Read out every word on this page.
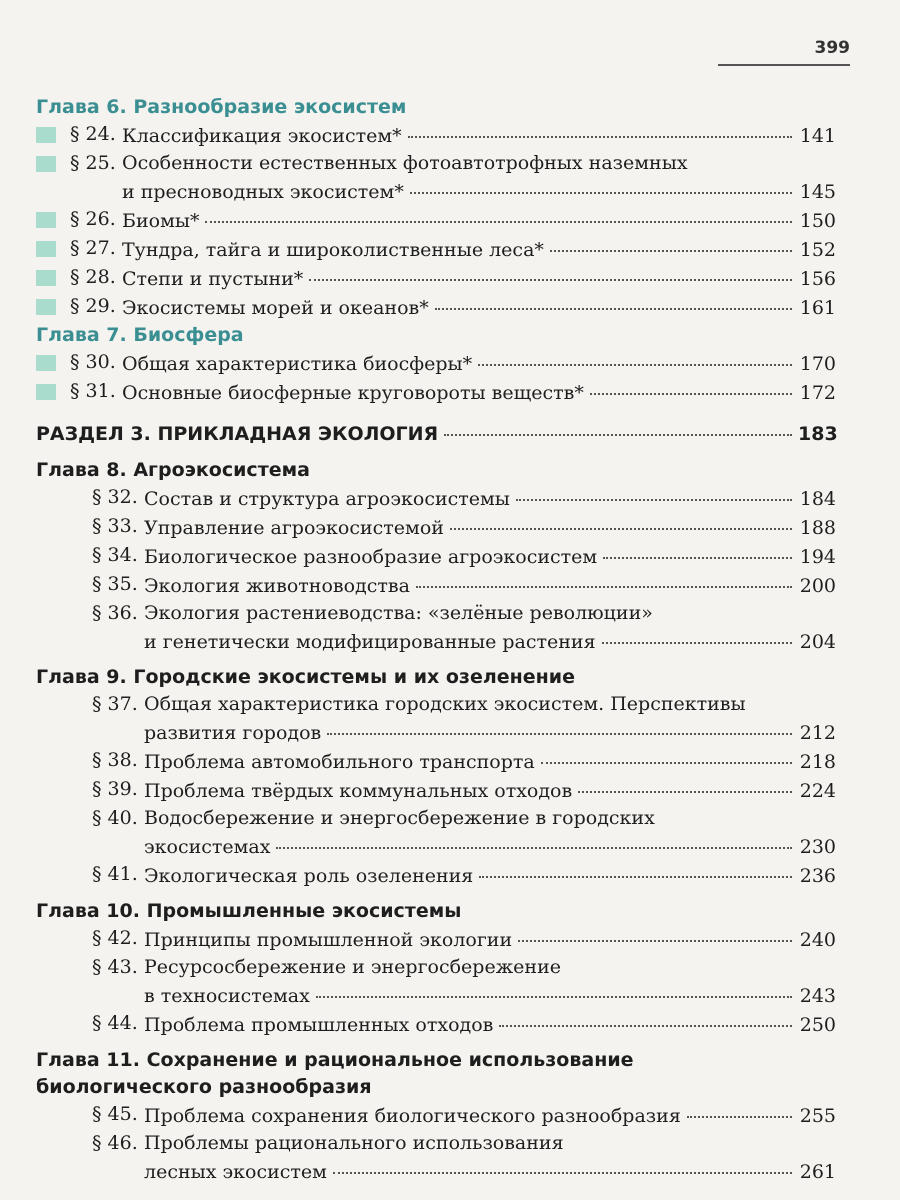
399
Глава 6. Разнообразие экосистем
§ 24. Классификация экосистем*	141
§ 25. Особенности естественных фотоавтотрофных наземных
и пресноводных экосистем*	145
§ 26. Биомы*	150
§ 27. Тундра, тайга и широколиственные леса*	152
§ 28. Степи и пустыни*	156
§ 29. Экосистемы морей и океанов*	161
Глава 7. Биосфера
§ 30. Общая характеристика биосферы*	170
§ 31. Основные биосферные круговороты веществ*	172
РАЗДЕЛ 3. ПРИКЛАДНАЯ ЭКОЛОГИЯ	183
Глава 8. Агроэкосистема
§ 32. Состав и структура агроэкосистемы	184
§ 33. Управление агроэкосистемой	188
§ 34. Биологическое разнообразие агроэкосистем	194
§ 35. Экология животноводства	200
§ 36. Экология растениеводства: «зелёные революции»
и генетически модифицированные растения	204
Глава 9. Городские экосистемы и их озеленение
§ 37. Общая характеристика городских экосистем. Перспективы
развития городов	212
§ 38. Проблема автомобильного транспорта	218
§ 39. Проблема твёрдых коммунальных отходов	224
§ 40. Водосбережение и энергосбережение в городских
экосистемах	230
§ 41. Экологическая роль озеленения	236
Глава 10. Промышленные экосистемы
§ 42. Принципы промышленной экологии	240
§ 43. Ресурсосбережение и энергосбережение
в техносистемах	243
§ 44. Проблема промышленных отходов	250
Глава 11. Сохранение и рациональное использование
биологического разнообразия
§ 45. Проблема сохранения биологического разнообразия	255
§ 46. Проблемы рационального использования
лесных экосистем	261
